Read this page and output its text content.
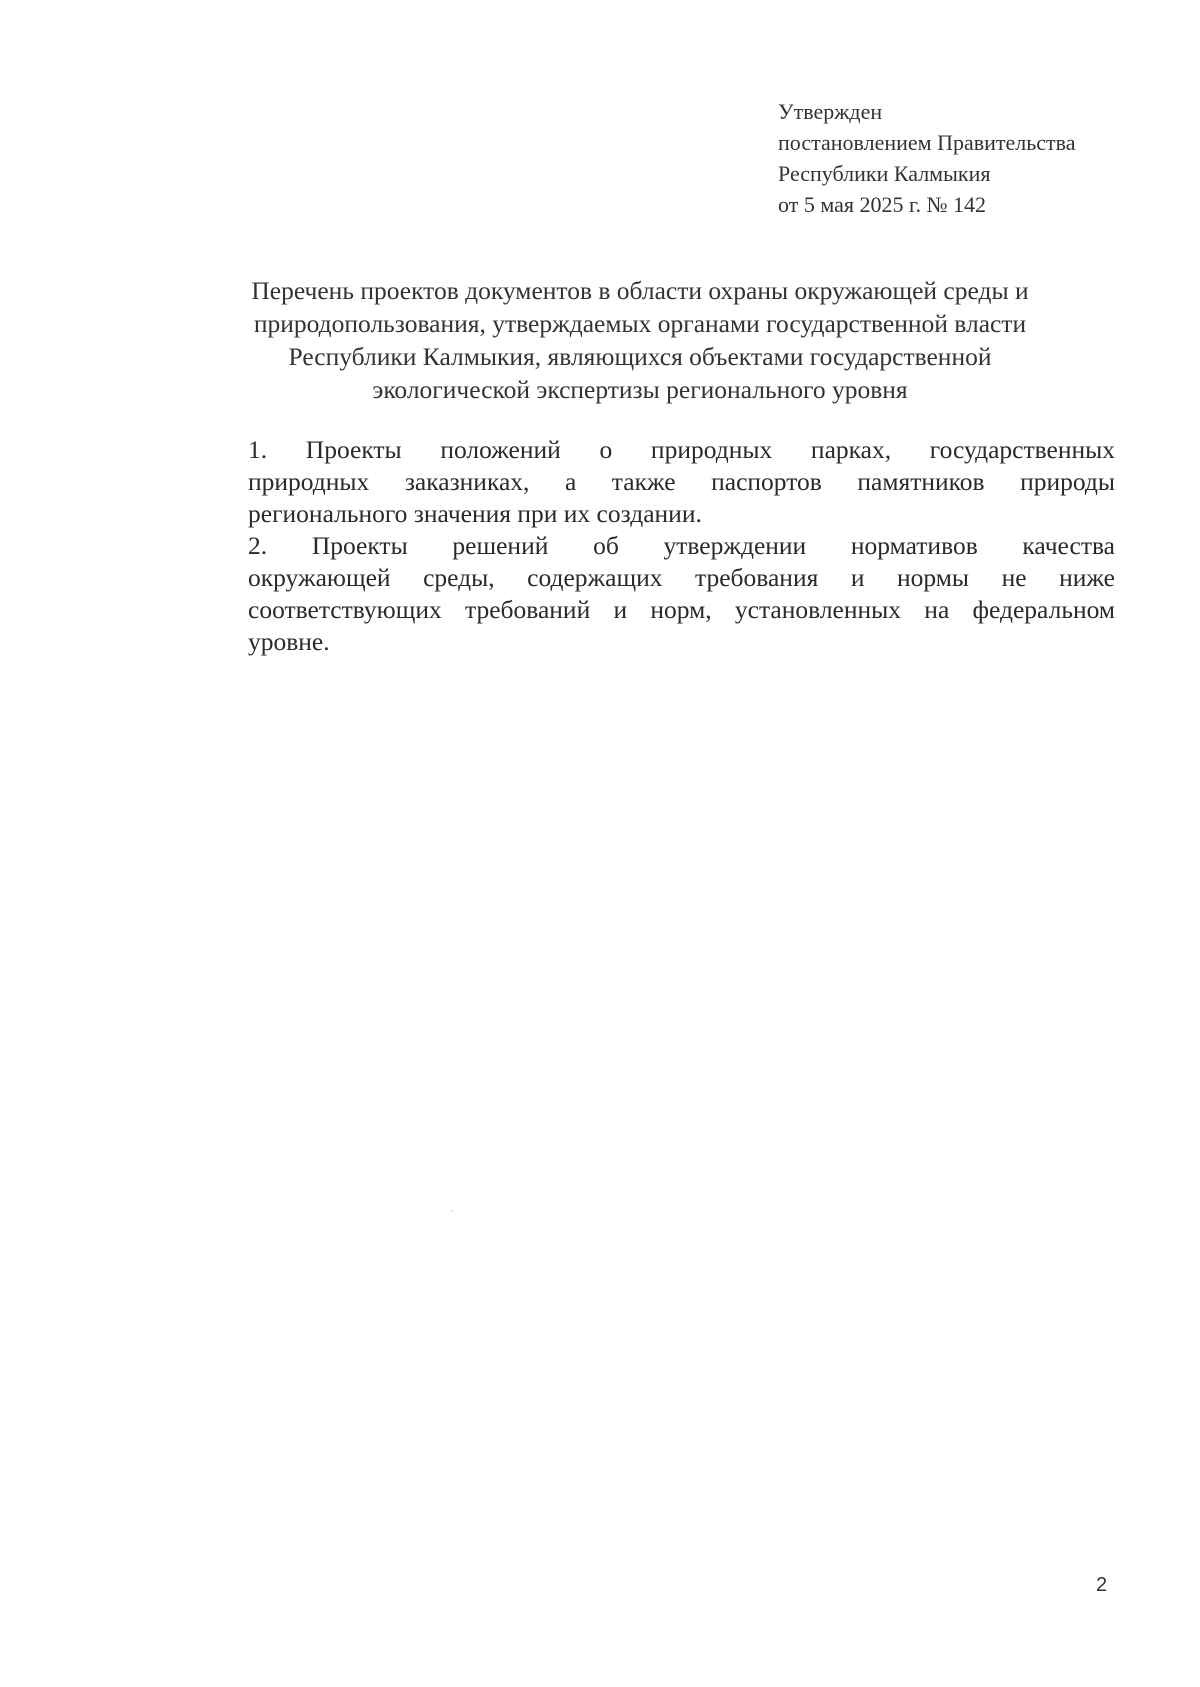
Утвержден
постановлением Правительства
Республики Калмыкия
от 5 мая 2025 г. № 142
Перечень проектов документов в области охраны окружающей среды и
природопользования, утверждаемых органами государственной власти
Республики Калмыкия, являющихся объектами государственной
экологической экспертизы регионального уровня
1. Проекты положений о природных парках, государственных
природных заказниках, а также паспортов памятников природы
регионального значения при их создании.
2. Проекты решений об утверждении нормативов качества
окружающей среды, содержащих требования и нормы не ниже
соответствующих требований и норм, установленных на федеральном
уровне.
2
